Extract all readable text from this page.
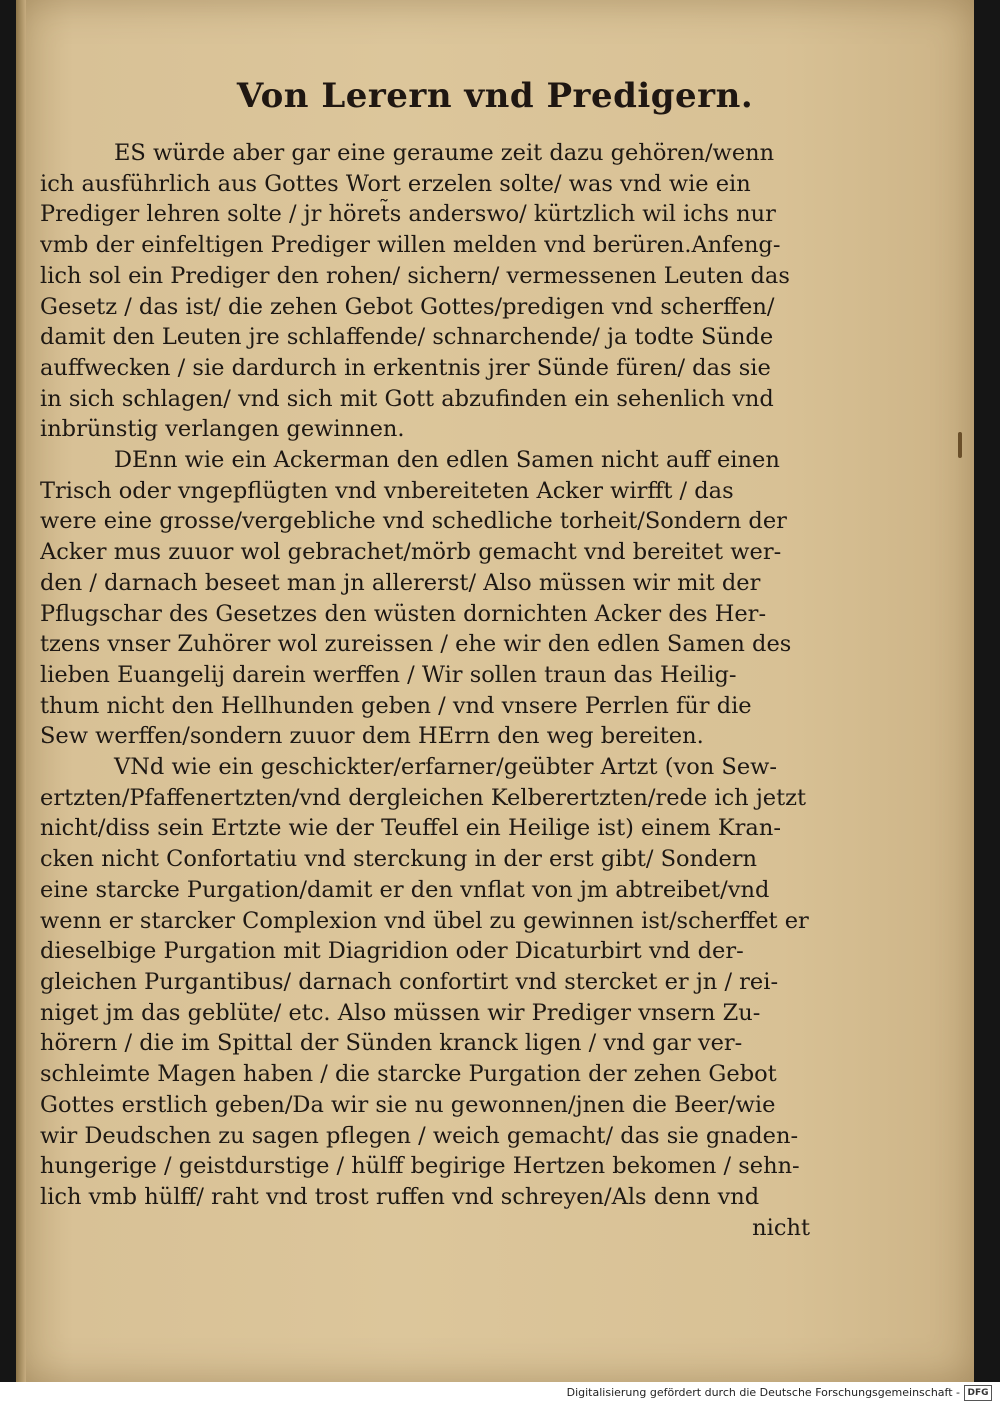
Von Lerern vnd Predigern.
ES würde aber gar eine geraume zeit dazu gehören/wenn
ich ausführlich aus Gottes Wort erzelen solte/ was vnd wie ein
Prediger lehren solte / jr höret̃s anderswo/ kürtzlich wil ichs nur
vmb der einfeltigen Prediger willen melden vnd berüren.Anfeng-
lich sol ein Prediger den rohen/ sichern/ vermessenen Leuten das
Gesetz / das ist/ die zehen Gebot Gottes/predigen vnd scherffen/
damit den Leuten jre schlaffende/ schnarchende/ ja todte Sünde
auffwecken / sie dardurch in erkentnis jrer Sünde füren/ das sie
in sich schlagen/ vnd sich mit Gott abzufinden ein sehenlich vnd
inbrünstig verlangen gewinnen.
DEnn wie ein Ackerman den edlen Samen nicht auff einen
Trisch oder vngepflügten vnd vnbereiteten Acker wirfft / das
were eine grosse/vergebliche vnd schedliche torheit/Sondern der
Acker mus zuuor wol gebrachet/mörb gemacht vnd bereitet wer-
den / darnach beseet man jn allererst/ Also müssen wir mit der
Pflugschar des Gesetzes den wüsten dornichten Acker des Her-
tzens vnser Zuhörer wol zureissen / ehe wir den edlen Samen des
lieben Euangelij darein werffen / Wir sollen traun das Heilig-
thum nicht den Hellhunden geben / vnd vnsere Perrlen für die
Sew werffen/sondern zuuor dem HErrn den weg bereiten.
VNd wie ein geschickter/erfarner/geübter Artzt (von Sew-
ertzten/Pfaffenertzten/vnd dergleichen Kelberertzten/rede ich jetzt
nicht/diss sein Ertzte wie der Teuffel ein Heilige ist) einem Kran-
cken nicht Confortatiu vnd sterckung in der erst gibt/ Sondern
eine starcke Purgation/damit er den vnflat von jm abtreibet/vnd
wenn er starcker Complexion vnd übel zu gewinnen ist/scherffet er
dieselbige Purgation mit Diagridion oder Dicaturbirt vnd der-
gleichen Purgantibus/ darnach confortirt vnd stercket er jn / rei-
niget jm das geblüte/ etc. Also müssen wir Prediger vnsern Zu-
hörern / die im Spittal der Sünden kranck ligen / vnd gar ver-
schleimte Magen haben / die starcke Purgation der zehen Gebot
Gottes erstlich geben/Da wir sie nu gewonnen/jnen die Beer/wie
wir Deudschen zu sagen pflegen / weich gemacht/ das sie gnaden-
hungerige / geistdurstige / hülff begirige Hertzen bekomen / sehn-
lich vmb hülff/ raht vnd trost ruffen vnd schreyen/Als denn vnd
nicht
Digitalisierung gefördert durch die Deutsche Forschungsgemeinschaft - DFG
